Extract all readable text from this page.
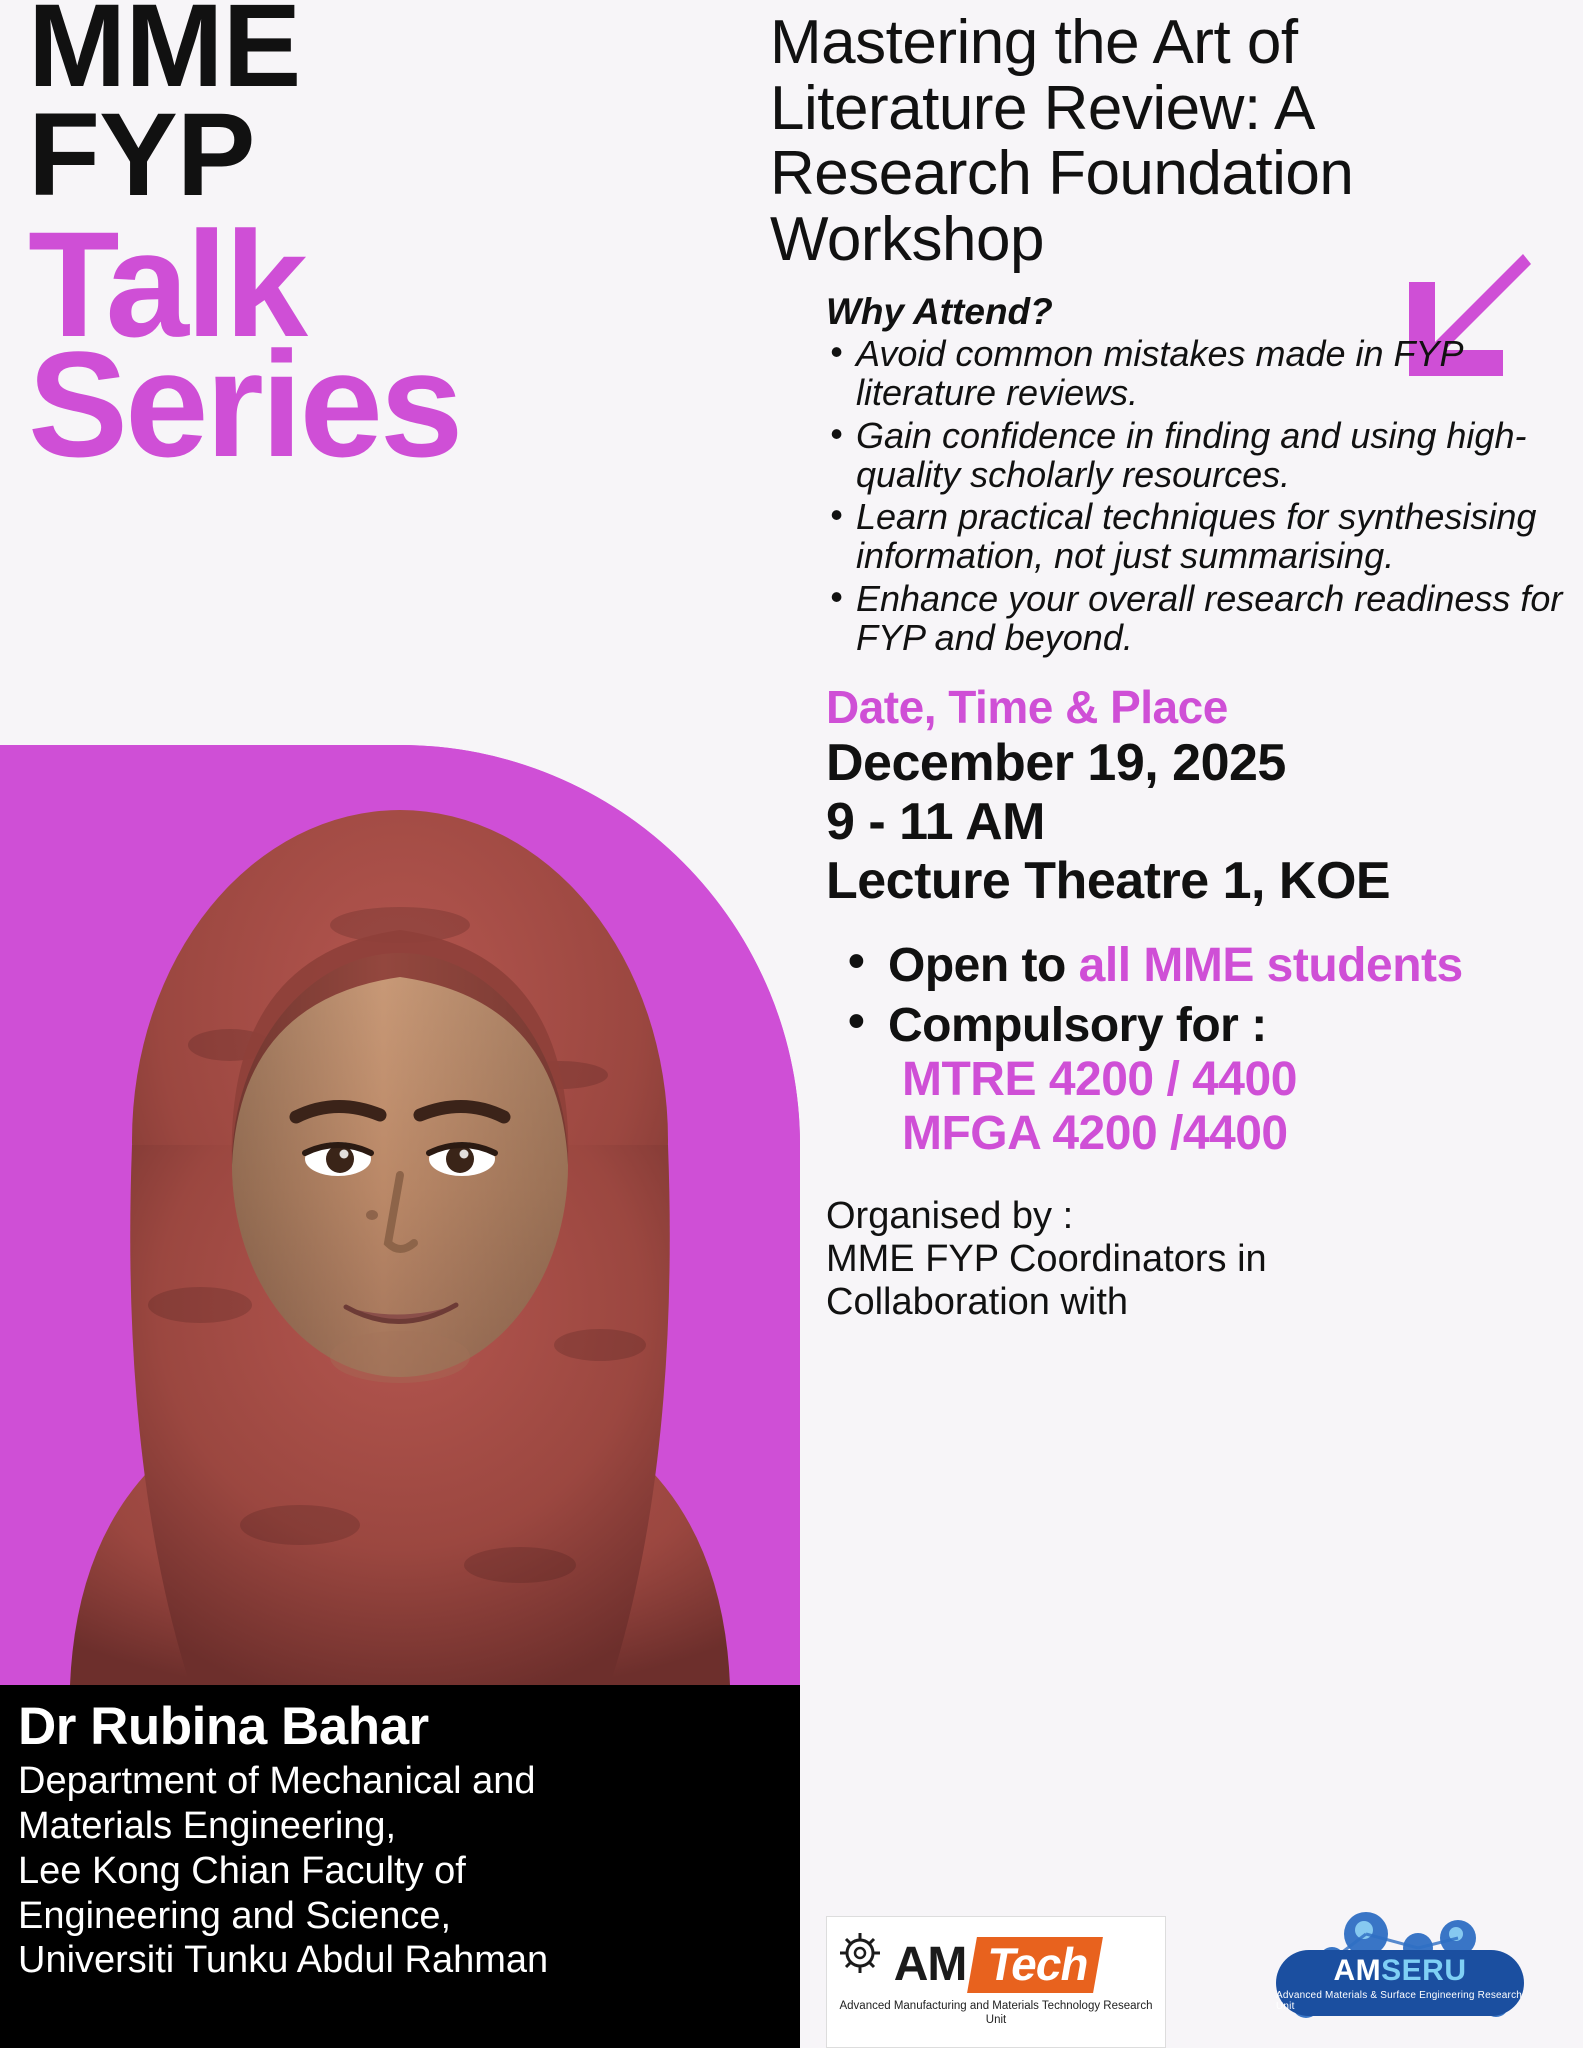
MME
FYP
Talk
Series
Dr Rubina Bahar
Department of Mechanical and
Materials Engineering,
Lee Kong Chian Faculty of
Engineering and Science,
Universiti Tunku Abdul Rahman
Mastering the Art of Literature Review: A Research Foundation Workshop
Why Attend?
• Avoid common mistakes made in FYP literature reviews.
• Gain confidence in finding and using high-quality scholarly resources.
• Learn practical techniques for synthesising information, not just summarising.
• Enhance your overall research readiness for FYP and beyond.
Date, Time & Place
December 19, 2025
9 - 11 AM
Lecture Theatre 1, KOE
• Open to all MME students
• Compulsory for :
MTRE 4200 / 4400
MFGA 4200 /4400
Organised by :
MME FYP Coordinators in
Collaboration with
AM Tech
Advanced Manufacturing and Materials Technology Research Unit
AMSERU
Advanced Materials & Surface Engineering Research Unit
